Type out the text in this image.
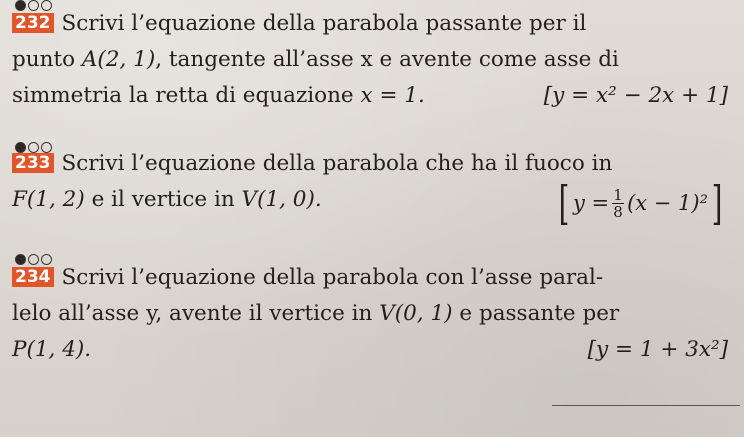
232 Scrivi l’equazione della parabola passante per il
punto A(2, 1), tangente all’asse x e avente come asse di
simmetria la retta di equazione x = 1.	[y = x² − 2x + 1]
233 Scrivi l’equazione della parabola che ha il fuoco in
F(1, 2) e il vertice in V(1, 0).	[ $y = \frac{1}{8} (x - 1)^2$ ]
234 Scrivi l’equazione della parabola con l’asse paral-
lelo all’asse y, avente il vertice in V(0, 1) e passante per
P(1, 4).	[y = 1 + 3x²]
